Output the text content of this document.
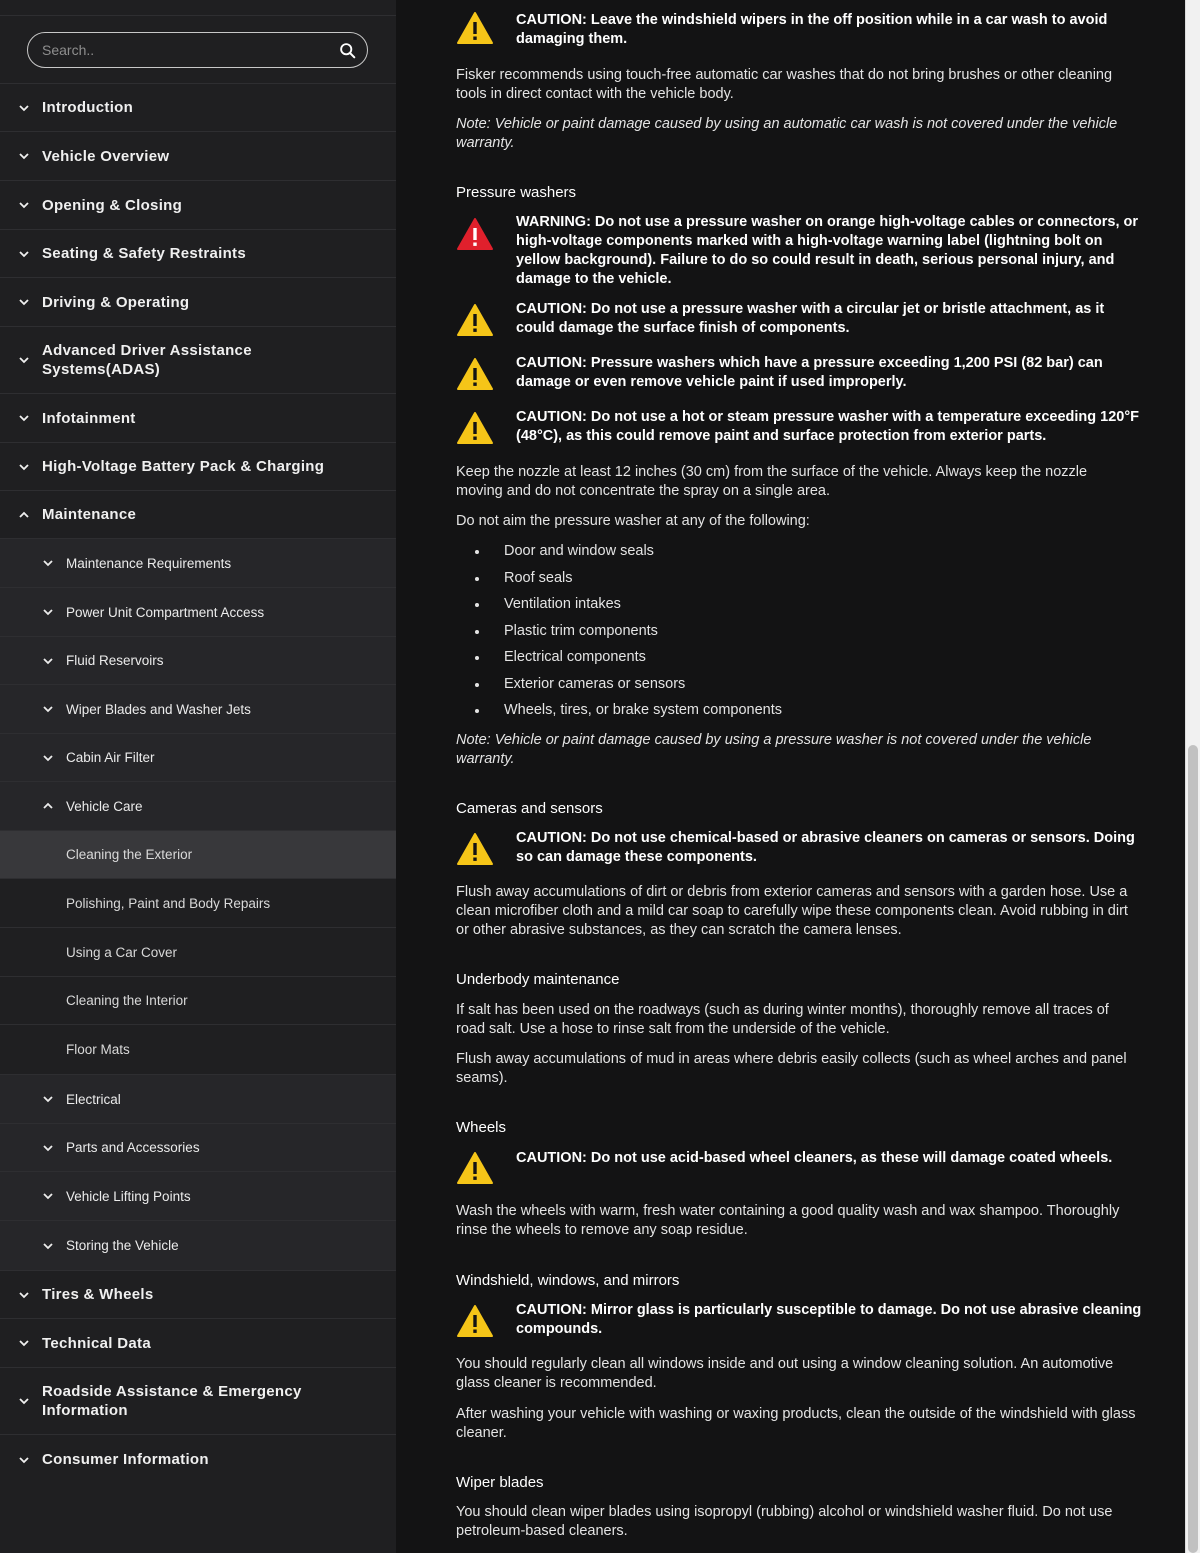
Search..
Introduction
Vehicle Overview
Opening & Closing
Seating & Safety Restraints
Driving & Operating
Advanced Driver Assistance Systems(ADAS)
Infotainment
High-Voltage Battery Pack & Charging
Maintenance
Maintenance Requirements
Power Unit Compartment Access
Fluid Reservoirs
Wiper Blades and Washer Jets
Cabin Air Filter
Vehicle Care
Cleaning the Exterior
Polishing, Paint and Body Repairs
Using a Car Cover
Cleaning the Interior
Floor Mats
Electrical
Parts and Accessories
Vehicle Lifting Points
Storing the Vehicle
Tires & Wheels
Technical Data
Roadside Assistance & Emergency Information
Consumer Information
CAUTION: Leave the windshield wipers in the off position while in a car wash to avoid damaging them.

Fisker recommends using touch-free automatic car washes that do not bring brushes or other cleaning tools in direct contact with the vehicle body.

Note: Vehicle or paint damage caused by using an automatic car wash is not covered under the vehicle warranty.

Pressure washers
WARNING: Do not use a pressure washer on orange high-voltage cables or connectors, or high-voltage components marked with a high-voltage warning label (lightning bolt on yellow background). Failure to do so could result in death, serious personal injury, and damage to the vehicle.
CAUTION: Do not use a pressure washer with a circular jet or bristle attachment, as it could damage the surface finish of components.
CAUTION: Pressure washers which have a pressure exceeding 1,200 PSI (82 bar) can damage or even remove vehicle paint if used improperly.
CAUTION: Do not use a hot or steam pressure washer with a temperature exceeding 120°F (48°C), as this could remove paint and surface protection from exterior parts.

Keep the nozzle at least 12 inches (30 cm) from the surface of the vehicle. Always keep the nozzle moving and do not concentrate the spray on a single area.

Do not aim the pressure washer at any of the following:

Door and window seals
Roof seals
Ventilation intakes
Plastic trim components
Electrical components
Exterior cameras or sensors
Wheels, tires, or brake system components

Note: Vehicle or paint damage caused by using a pressure washer is not covered under the vehicle warranty.

Cameras and sensors
CAUTION: Do not use chemical-based or abrasive cleaners on cameras or sensors. Doing so can damage these components.

Flush away accumulations of dirt or debris from exterior cameras and sensors with a garden hose. Use a clean microfiber cloth and a mild car soap to carefully wipe these components clean. Avoid rubbing in dirt or other abrasive substances, as they can scratch the camera lenses.

Underbody maintenance

If salt has been used on the roadways (such as during winter months), thoroughly remove all traces of road salt. Use a hose to rinse salt from the underside of the vehicle.

Flush away accumulations of mud in areas where debris easily collects (such as wheel arches and panel seams).

Wheels
CAUTION: Do not use acid-based wheel cleaners, as these will damage coated wheels.

Wash the wheels with warm, fresh water containing a good quality wash and wax shampoo. Thoroughly rinse the wheels to remove any soap residue.

Windshield, windows, and mirrors
CAUTION: Mirror glass is particularly susceptible to damage. Do not use abrasive cleaning compounds.

You should regularly clean all windows inside and out using a window cleaning solution. An automotive glass cleaner is recommended.

After washing your vehicle with washing or waxing products, clean the outside of the windshield with glass cleaner.

Wiper blades

You should clean wiper blades using isopropyl (rubbing) alcohol or windshield washer fluid. Do not use petroleum-based cleaners.
